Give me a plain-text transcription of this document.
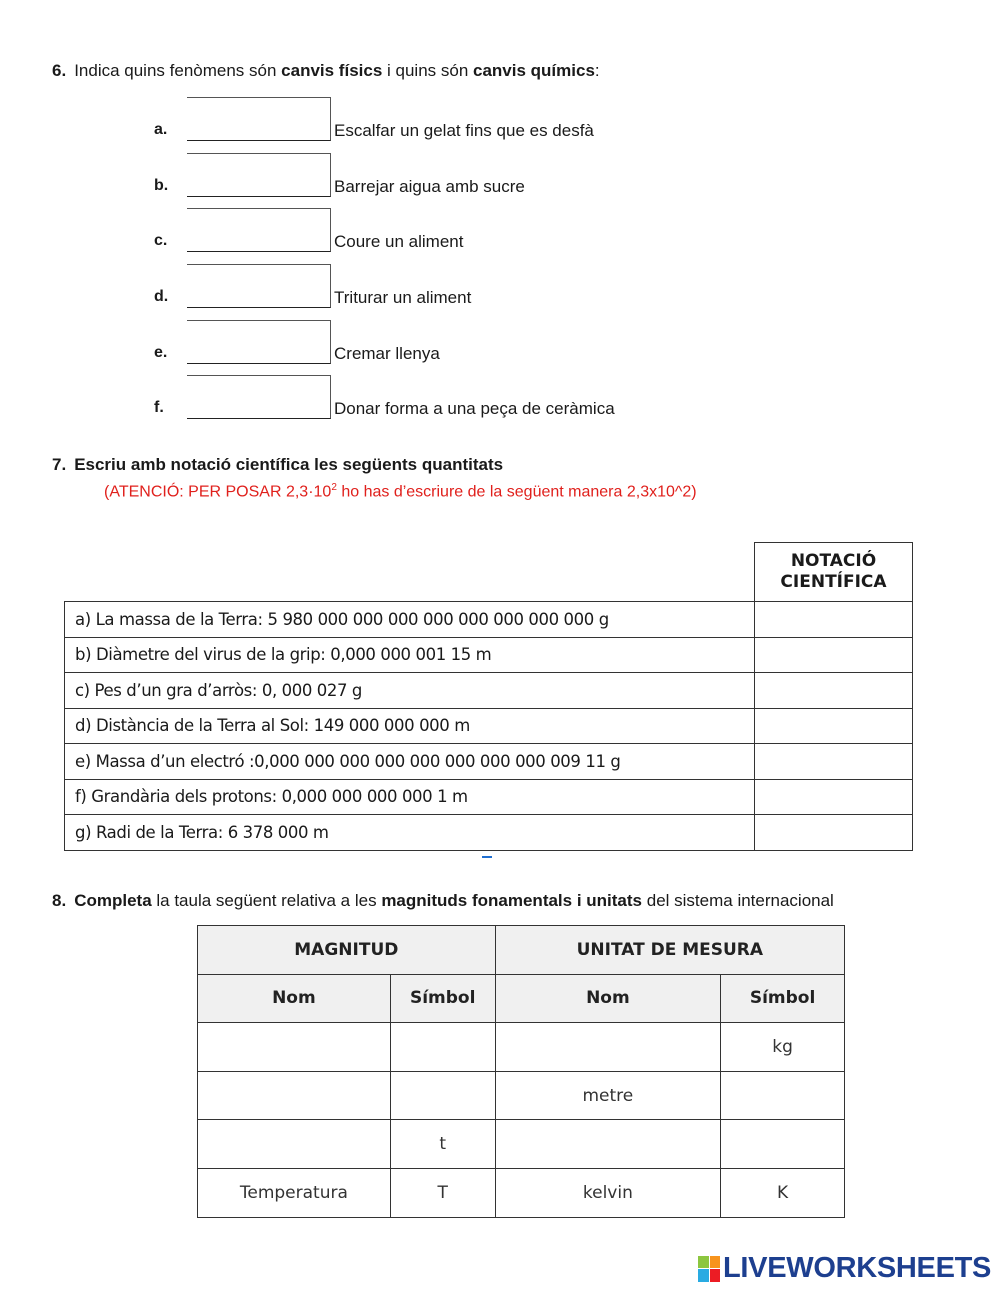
6. Indica quins fenòmens són canvis físics i quins són canvis químics:
a.	Escalfar un gelat fins que es desfà
b.	Barrejar aigua amb sucre
c.	Coure un aliment
d.	Triturar un aliment
e.	Cremar llenya
f.	Donar forma a una peça de ceràmica
7. Escriu amb notació científica les següents quantitats
(ATENCIÓ: PER POSAR $2,3\cdot 10^2$ ho has d’escriure de la següent manera 2,3x10^2)
	NOTACIÓ
CIENTÍFICA
a) La massa de la Terra: 5 980 000 000 000 000 000 000 000 000 g	
b) Diàmetre del virus de la grip: 0,000 000 001 15 m	
c) Pes d’un gra d’arròs: 0, 000 027 g	
d) Distància de la Terra al Sol: 149 000 000 000 m	
e) Massa d’un electró :0,000 000 000 000 000 000 000 000 009 11 g	
f) Grandària dels protons: 0,000 000 000 000 1 m	
g) Radi de la Terra: 6 378 000 m	
8. Completa la taula següent relativa a les magnituds fonamentals i unitats del sistema internacional
MAGNITUD		UNITAT DE MESURA	
Nom	Símbol	Nom	Símbol
			kg
		metre	
	t		
Temperatura	T	kelvin	K
LIVEWORKSHEETS
